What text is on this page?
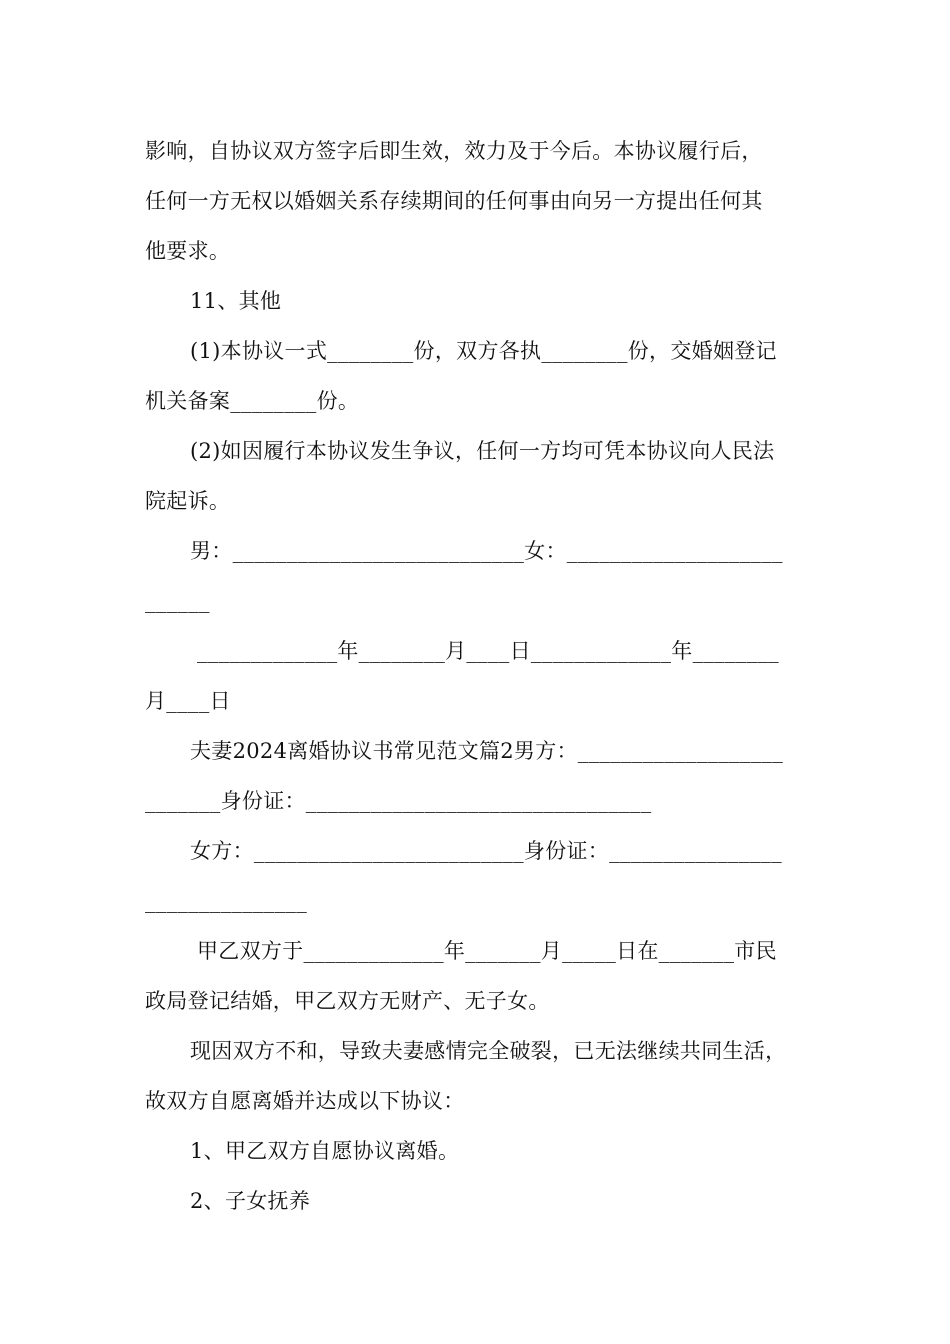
影响，自协议双方签字后即生效，效力及于今后。本协议履行后，
任何一方无权以婚姻关系存续期间的任何事由向另一方提出任何其
他要求。
11、其他
(1)本协议一式________份，双方各执________份，交婚姻登记
机关备案________份。
(2)如因履行本协议发生争议，任何一方均可凭本协议向人民法
院起诉。
男：___________________________女：____________________
______
_____________年________月____日_____________年________
月____日
夫妻2024离婚协议书常见范文篇2男方：___________________
_______身份证：________________________________
女方：_________________________身份证：________________
_______________
甲乙双方于_____________年_______月_____日在_______市民
政局登记结婚，甲乙双方无财产、无子女。
现因双方不和，导致夫妻感情完全破裂，已无法继续共同生活，
故双方自愿离婚并达成以下协议：
1、甲乙双方自愿协议离婚。
2、子女抚养
